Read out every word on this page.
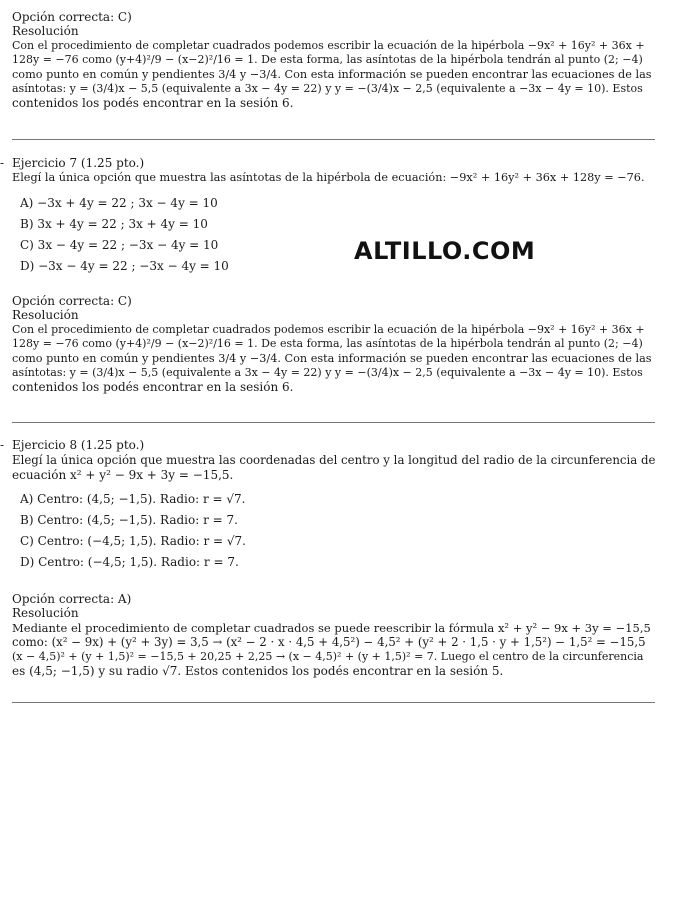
Opción correcta: C)
Resolución
Con el procedimiento de completar cuadrados podemos escribir la ecuación de la hipérbola −9x² + 16y² + 36x +
128y = −76 como (y+4)²/9 − (x−2)²/16 = 1. De esta forma, las asíntotas de la hipérbola tendrán al punto (2; −4)
como punto en común y pendientes 3/4 y −3/4. Con esta información se pueden encontrar las ecuaciones de las
asíntotas: y = (3/4)x − 5,5 (equivalente a 3x − 4y = 22) y y = −(3/4)x − 2,5 (equivalente a −3x − 4y = 10). Estos
contenidos los podés encontrar en la sesión 6.
- Ejercicio 7 (1.25 pto.)
Elegí la única opción que muestra las asíntotas de la hipérbola de ecuación: −9x² + 16y² + 36x + 128y = −76.
A) −3x + 4y = 22 ; 3x − 4y = 10
B) 3x + 4y = 22 ; 3x + 4y = 10
C) 3x − 4y = 22 ; −3x − 4y = 10
D) −3x − 4y = 22 ; −3x − 4y = 10
ALTILLO.COM
Opción correcta: C)
Resolución
Con el procedimiento de completar cuadrados podemos escribir la ecuación de la hipérbola −9x² + 16y² + 36x +
128y = −76 como (y+4)²/9 − (x−2)²/16 = 1. De esta forma, las asíntotas de la hipérbola tendrán al punto (2; −4)
como punto en común y pendientes 3/4 y −3/4. Con esta información se pueden encontrar las ecuaciones de las
asíntotas: y = (3/4)x − 5,5 (equivalente a 3x − 4y = 22) y y = −(3/4)x − 2,5 (equivalente a −3x − 4y = 10). Estos
contenidos los podés encontrar en la sesión 6.
- Ejercicio 8 (1.25 pto.)
Elegí la única opción que muestra las coordenadas del centro y la longitud del radio de la circunferencia de
ecuación x² + y² − 9x + 3y = −15,5.
A) Centro: (4,5; −1,5). Radio: r = √7.
B) Centro: (4,5; −1,5). Radio: r = 7.
C) Centro: (−4,5; 1,5). Radio: r = √7.
D) Centro: (−4,5; 1,5). Radio: r = 7.
Opción correcta: A)
Resolución
Mediante el procedimiento de completar cuadrados se puede reescribir la fórmula x² + y² − 9x + 3y = −15,5
como: (x² − 9x) + (y² + 3y) = 3,5 → (x² − 2 · x · 4,5 + 4,5²) − 4,5² + (y² + 2 · 1,5 · y + 1,5²) − 1,5² = −15,5
(x − 4,5)² + (y + 1,5)² = −15,5 + 20,25 + 2,25 → (x − 4,5)² + (y + 1,5)² = 7. Luego el centro de la circunferencia
es (4,5; −1,5) y su radio √7. Estos contenidos los podés encontrar en la sesión 5.
